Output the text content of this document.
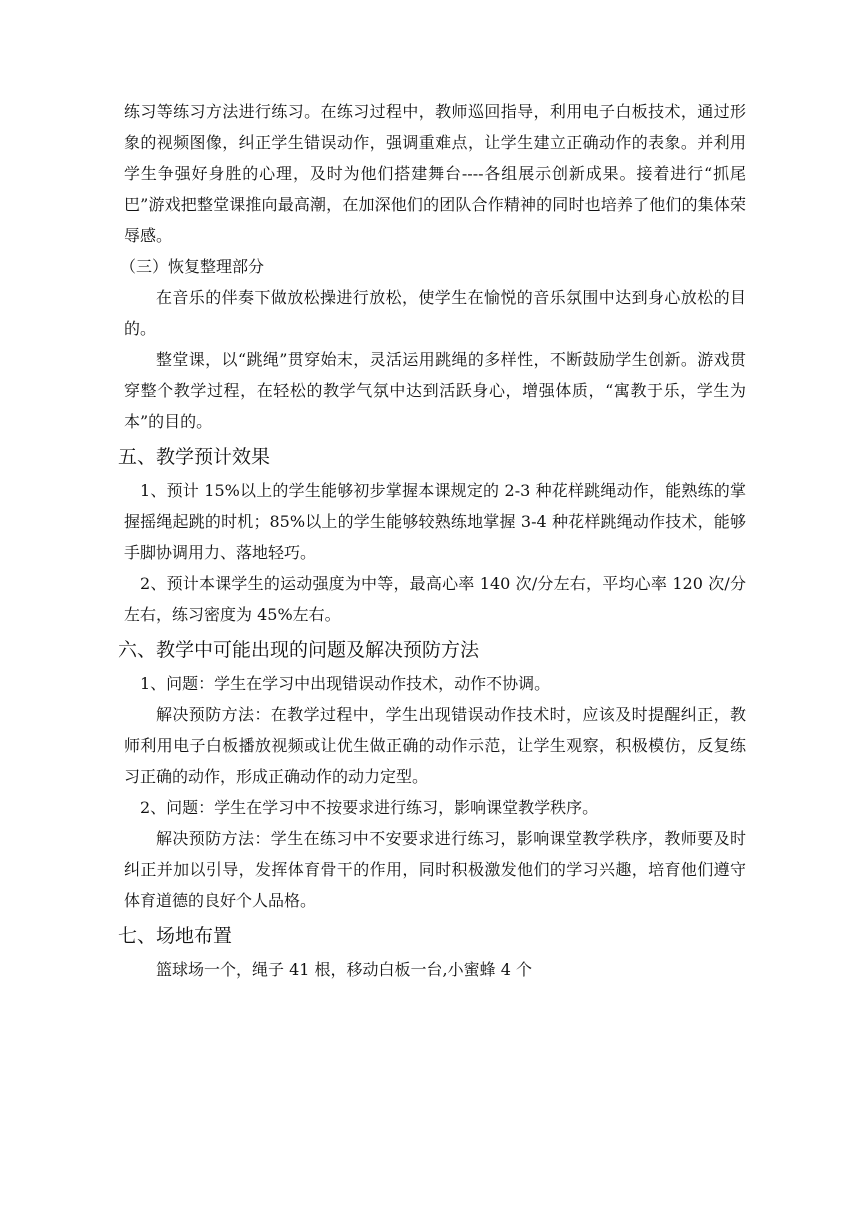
练习等练习方法进行练习。在练习过程中，教师巡回指导，利用电子白板技术，通过形象的视频图像，纠正学生错误动作，强调重难点，让学生建立正确动作的表象。并利用学生争强好身胜的心理，及时为他们搭建舞台----各组展示创新成果。接着进行“抓尾巴”游戏把整堂课推向最高潮，在加深他们的团队合作精神的同时也培养了他们的集体荣辱感。

（三）恢复整理部分

在音乐的伴奏下做放松操进行放松，使学生在愉悦的音乐氛围中达到身心放松的目的。

整堂课，以“跳绳”贯穿始末，灵活运用跳绳的多样性，不断鼓励学生创新。游戏贯穿整个教学过程，在轻松的教学气氛中达到活跃身心，增强体质，“寓教于乐，学生为本”的目的。

五、教学预计效果

1、预计 15%以上的学生能够初步掌握本课规定的 2-3 种花样跳绳动作，能熟练的掌握摇绳起跳的时机；85%以上的学生能够较熟练地掌握 3-4 种花样跳绳动作技术，能够手脚协调用力、落地轻巧。

2、预计本课学生的运动强度为中等，最高心率 140 次/分左右，平均心率 120 次/分左右，练习密度为 45%左右。

六、教学中可能出现的问题及解决预防方法

1、问题：学生在学习中出现错误动作技术，动作不协调。

解决预防方法：在教学过程中，学生出现错误动作技术时，应该及时提醒纠正，教师利用电子白板播放视频或让优生做正确的动作示范，让学生观察，积极模仿，反复练习正确的动作，形成正确动作的动力定型。

2、问题：学生在学习中不按要求进行练习，影响课堂教学秩序。

解决预防方法：学生在练习中不安要求进行练习，影响课堂教学秩序，教师要及时纠正并加以引导，发挥体育骨干的作用，同时积极激发他们的学习兴趣，培育他们遵守体育道德的良好个人品格。

七、场地布置

篮球场一个，绳子 41 根，移动白板一台,小蜜蜂 4 个
